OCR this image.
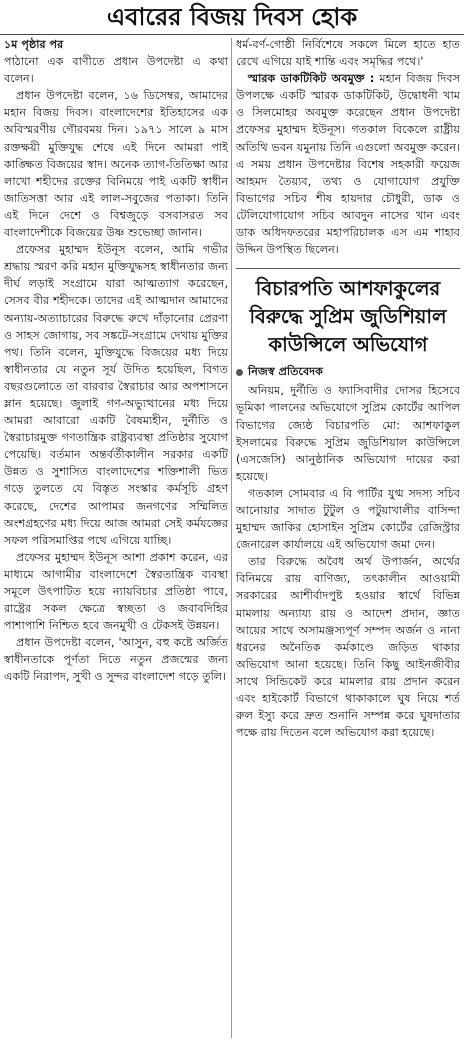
এবারের বিজয় দিবস হোক

১ম পৃষ্ঠার পর

পাঠানো এক বাণীতে প্রধান উপদেষ্টা এ কথা বলেন।

প্রধান উপদেষ্টা বলেন, ১৬ ডিসেম্বর, আমাদের মহান বিজয় দিবস। বাংলাদেশের ইতিহাসের এক অবিস্মরণীয় গৌরবময় দিন। ১৯৭১ সালে ৯ মাস রক্তক্ষয়ী মুক্তিযুদ্ধ শেষে এই দিনে আমরা পাই কাঙ্ক্ষিত বিজয়ের স্বাদ। অনেক ত্যাগ-তিতিক্ষা আর লাখো শহীদের রক্তের বিনিময়ে পাই একটি স্বাধীন জাতিসত্তা আর এই লাল-সবুজের পতাকা। তিনি এই দিনে দেশে ও বিশ্বজুড়ে বসবাসরত সব বাংলাদেশীকে বিজয়ের উষ্ণ শুভেচ্ছা জানান।

প্রফেসর মুহাম্মদ ইউনূস বলেন, আমি গভীর শ্রদ্ধায় স্মরণ করি মহান মুক্তিযুদ্ধসহ স্বাধীনতার জন্য দীর্ঘ লড়াই সংগ্রামে যারা আত্মত্যাগ করেছেন, সেসব বীর শহীদকে। তাদের এই আত্মদান আমাদের অন্যায়-অত্যাচারের বিরুদ্ধে রুখে দাঁড়ানোর প্রেরণা ও সাহস জোগায়, সব সঙ্কটে-সংগ্রামে দেখায় মুক্তির পথ। তিনি বলেন, মুক্তিযুদ্ধে বিজয়ের মধ্য দিয়ে স্বাধীনতার যে নতুন সূর্য উদিত হয়েছিল, বিগত বছরগুলোতে তা বারবার স্বৈরাচার আর অপশাসনে ম্লান হয়েছে। জুলাই গণ-অভ্যুত্থানের মধ্য দিয়ে আমরা আবারো একটি বৈষম্যহীন, দুর্নীতি ও স্বৈরাচারমুক্ত গণতান্ত্রিক রাষ্ট্রব্যবস্থা প্রতিষ্ঠার সুযোগ পেয়েছি। বর্তমান অন্তর্বর্তীকালীন সরকার একটি উন্নত ও সুশাসিত বাংলাদেশের শক্তিশালী ভিত গড়ে তুলতে যে বিস্তৃত সংস্কার কর্মসূচি গ্রহণ করেছে, দেশের আপামর জনগণের সম্মিলিত অংশগ্রহণের মধ্য দিয়ে আজ আমরা সেই কর্মযজ্ঞের সফল পরিসমাপ্তির পথে এগিয়ে যাচ্ছি।

প্রফেসর মুহাম্মদ ইউনূস আশা প্রকাশ করেন, এর মাধ্যমে আগামীর বাংলাদেশে স্বৈরতান্ত্রিক ব্যবস্থা সমূলে উৎপাটিত হয়ে ন্যায়বিচার প্রতিষ্ঠা পাবে, রাষ্ট্রের সকল ক্ষেত্রে স্বচ্ছতা ও জবাবদিহির পাশাপাশি নিশ্চিত হবে জনমুখী ও টেকসই উন্নয়ন।

প্রধান উপদেষ্টা বলেন, 'আসুন, বহু কষ্টে অর্জিত স্বাধীনতাকে পূর্ণতা দিতে নতুন প্রজন্মের জন্য একটি নিরাপদ, সুখী ও সুন্দর বাংলাদেশ গড়ে তুলি।

ধর্ম-বর্ণ-গোষ্ঠী নির্বিশেষে সকলে মিলে হাতে হাত রেখে এগিয়ে যাই শান্তি এবং সমৃদ্ধির পথে।'

স্মারক ডাকটিকিট অবমুক্ত : মহান বিজয় দিবস উপলক্ষে একটি স্মারক ডাকটিকিট, উদ্বোধনী খাম ও সিলমোহর অবমুক্ত করেছেন প্রধান উপদেষ্টা প্রফেসর মুহাম্মদ ইউনূস। গতকাল বিকেলে রাষ্ট্রীয় অতিথি ভবন যমুনায় তিনি এগুলো অবমুক্ত করেন। এ সময় প্রধান উপদেষ্টার বিশেষ সহকারী ফয়েজ আহমদ তৈয়্যব, তথ্য ও যোগাযোগ প্রযুক্তি বিভাগের সচিব শীষ হায়দার চৌধুরী, ডাক ও টেলিযোগাযোগ সচিব আবদুন নাসের খান এবং ডাক অধিদফতরের মহাপরিচালক এস এম শাহাব উদ্দিন উপস্থিত ছিলেন।

বিচারপতি আশফাকুলের
বিরুদ্ধে সুপ্রিম জুডিশিয়াল
কাউন্সিলে অভিযোগ
নিজস্ব প্রতিবেদক

অনিয়ম, দুর্নীতি ও ফ্যাসিবাদীর দোসর হিসেবে ভূমিকা পালনের অভিযোগে সুপ্রিম কোর্টের আপিল বিভাগের জ্যেষ্ঠ বিচারপতি মো: আশফাকুল ইসলামের বিরুদ্ধে সুপ্রিম জুডিশিয়াল কাউন্সিলে (এসজেসি) আনুষ্ঠানিক অভিযোগ দায়ের করা হয়েছে।

গতকাল সোমবার এ বি পার্টির যুগ্ম সদস্য সচিব আনোয়ার সাদাত টুটুল ও পটুয়াখালীর বাসিন্দা মুহাম্মদ জাকির হোসাইন সুপ্রিম কোর্টের রেজিস্ট্রার জেনারেল কার্যালয়ে এই অভিযোগ জমা দেন।

তার বিরুদ্ধে অবৈধ অর্থ উপার্জন, অর্থের বিনিময়ে রায় বাণিজ্য, তৎকালীন আওয়ামী সরকারের আশীর্বাদপুষ্ট হওয়ার স্বার্থে বিভিন্ন মামলায় অন্যায্য রায় ও আদেশ প্রদান, জ্ঞাত আয়ের সাথে অসামঞ্জস্যপূর্ণ সম্পদ অর্জন ও নানা ধরনের অনৈতিক কর্মকাণ্ডে জড়িত থাকার অভিযোগ আনা হয়েছে। তিনি কিছু আইনজীবীর সাথে সিন্ডিকেট করে মামলার রায় প্রদান করেন এবং হাইকোর্ট বিভাগে থাকাকালে ঘুষ নিয়ে শর্ত রুল ইস্যু করে দ্রুত শুনানি সম্পন্ন করে ঘুষদাতার পক্ষে রায় দিতেন বলে অভিযোগ করা হয়েছে।
